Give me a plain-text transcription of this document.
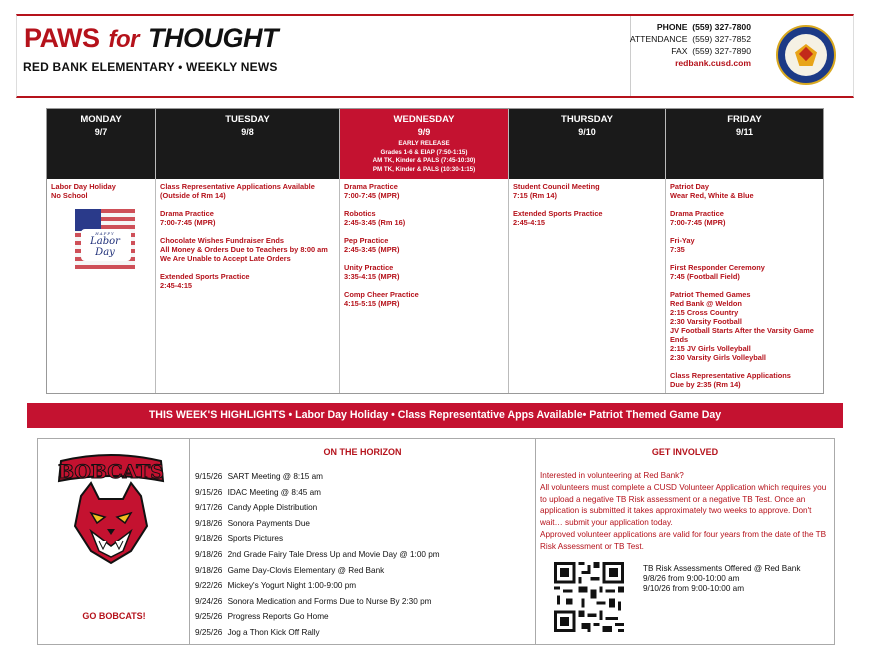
PAWS for THOUGHT
RED BANK ELEMENTARY • WEEKLY NEWS
PHONE (559) 327-7800
ATTENDANCE (559) 327-7852
FAX (559) 327-7890
redbank.cusd.com
MONDAY
9/7
Labor Day Holiday
No School
HAPPY
Labor Day
TUESDAY
9/8
Class Representative Applications Available
(Outside of Rm 14)
Drama Practice
7:00-7:45 (MPR)
Chocolate Wishes Fundraiser Ends
All Money & Orders Due to Teachers by 8:00 am
We Are Unable to Accept Late Orders
Extended Sports Practice
2:45-4:15
WEDNESDAY
9/9
EARLY RELEASE
Grades 1-6 & EIAP (7:50-1:15)
AM TK, Kinder & PALS (7:45-10:30)
PM TK, Kinder & PALS (10:30-1:15)
Drama Practice
7:00-7:45 (MPR)
Robotics
2:45-3:45 (Rm 16)
Pep Practice
2:45-3:45 (MPR)
Unity Practice
3:35-4:15 (MPR)
Comp Cheer Practice
4:15-5:15 (MPR)
THURSDAY
9/10
Student Council Meeting
7:15 (Rm 14)
Extended Sports Practice
2:45-4:15
FRIDAY
9/11
Patriot Day
Wear Red, White & Blue
Drama Practice
7:00-7:45 (MPR)
Fri-Yay
7:35
First Responder Ceremony
7:45 (Football Field)
Patriot Themed Games
Red Bank @ Weldon
2:15 Cross Country
2:30 Varsity Football
JV Football Starts After the Varsity Game Ends
2:15 JV Girls Volleyball
2:30 Varsity Girls Volleyball
Class Representative Applications
Due by 2:35 (Rm 14)
THIS WEEK'S HIGHLIGHTS • Labor Day Holiday • Class Representative Apps Available• Patriot Themed Game Day
BOBCATS
GO BOBCATS!
ON THE HORIZON
9/15/26 SART Meeting @ 8:15 am
9/15/26 IDAC Meeting @ 8:45 am
9/17/26 Candy Apple Distribution
9/18/26 Sonora Payments Due
9/18/26 Sports Pictures
9/18/26 2nd Grade Fairy Tale Dress Up and Movie Day @ 1:00 pm
9/18/26 Game Day-Clovis Elementary @ Red Bank
9/22/26 Mickey's Yogurt Night 1:00-9:00 pm
9/24/26 Sonora Medication and Forms Due to Nurse By 2:30 pm
9/25/26 Progress Reports Go Home
9/25/26 Jog a Thon Kick Off Rally
GET INVOLVED
Interested in volunteering at Red Bank?
All volunteers must complete a CUSD Volunteer Application which requires you to upload a negative TB Risk assessment or a negative TB Test. Once an application is submitted it takes approximately two weeks to approve. Don't wait… submit your application today.
Approved volunteer applications are valid for four years from the date of the TB Risk Assessment or TB Test.
TB Risk Assessments Offered @ Red Bank
9/8/26 from 9:00-10:00 am
9/10/26 from 9:00-10:00 am
